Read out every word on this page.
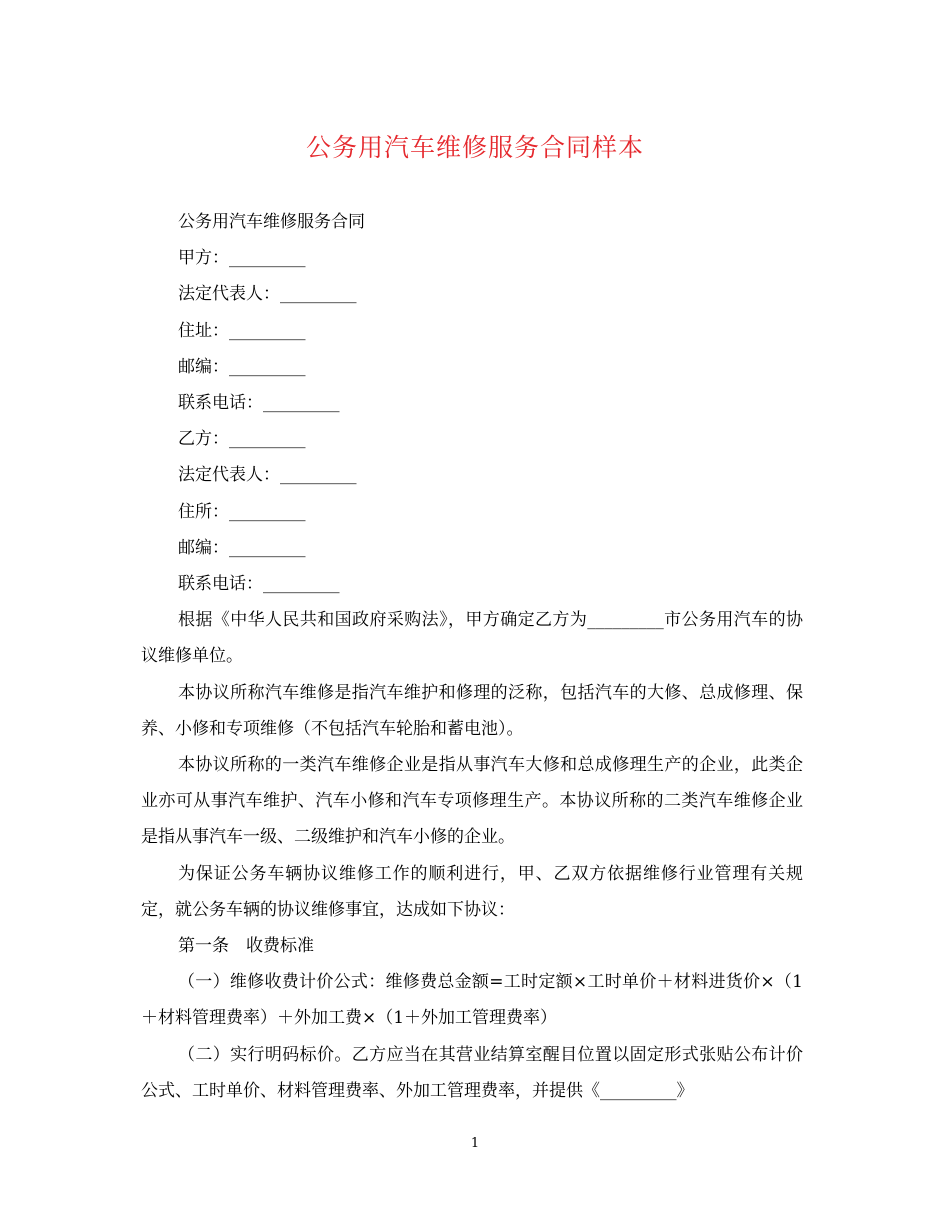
公务用汽车维修服务合同样本

公务用汽车维修服务合同

甲方：_________

法定代表人：_________

住址：_________

邮编：_________

联系电话：_________

乙方：_________

法定代表人：_________

住所：_________

邮编：_________

联系电话：_________

根据《中华人民共和国政府采购法》，甲方确定乙方为_________市公务用汽车的协议维修单位。

本协议所称汽车维修是指汽车维护和修理的泛称，包括汽车的大修、总成修理、保养、小修和专项维修（不包括汽车轮胎和蓄电池）。

本协议所称的一类汽车维修企业是指从事汽车大修和总成修理生产的企业，此类企业亦可从事汽车维护、汽车小修和汽车专项修理生产。本协议所称的二类汽车维修企业是指从事汽车一级、二级维护和汽车小修的企业。

为保证公务车辆协议维修工作的顺利进行，甲、乙双方依据维修行业管理有关规定，就公务车辆的协议维修事宜，达成如下协议：

第一条　收费标准

（一）维修收费计价公式：维修费总金额=工时定额×工时单价＋材料进货价×（1＋材料管理费率）＋外加工费×（1＋外加工管理费率）

（二）实行明码标价。乙方应当在其营业结算室醒目位置以固定形式张贴公布计价公式、工时单价、材料管理费率、外加工管理费率，并提供《_________》

1
